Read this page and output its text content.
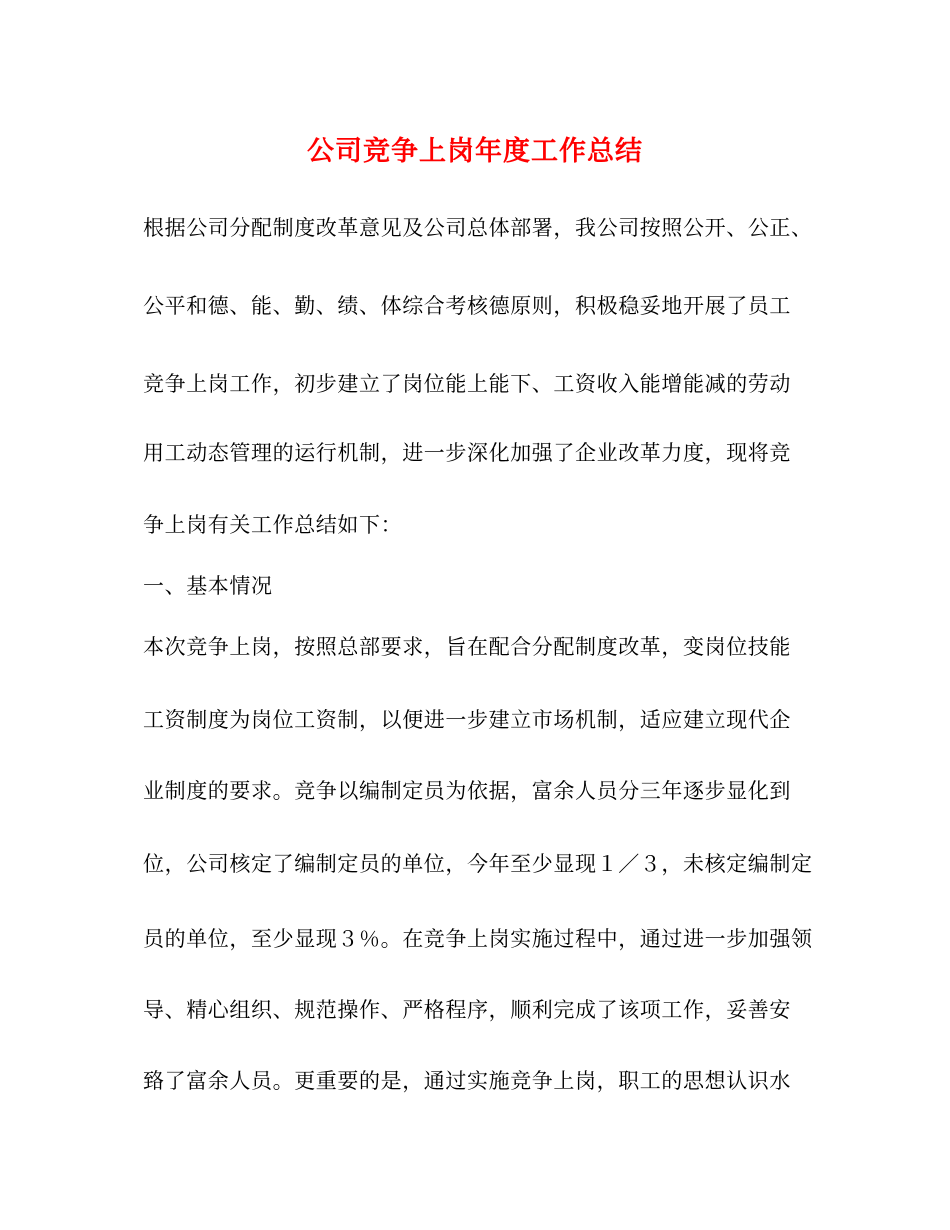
公司竞争上岗年度工作总结
根据公司分配制度改革意见及公司总体部署，我公司按照公开、公正、
公平和德、能、勤、绩、体综合考核德原则，积极稳妥地开展了员工
竞争上岗工作，初步建立了岗位能上能下、工资收入能增能减的劳动
用工动态管理的运行机制，进一步深化加强了企业改革力度，现将竞
争上岗有关工作总结如下：
一、基本情况
本次竞争上岗，按照总部要求，旨在配合分配制度改革，变岗位技能
工资制度为岗位工资制，以便进一步建立市场机制，适应建立现代企
业制度的要求。竞争以编制定员为依据，富余人员分三年逐步显化到
位，公司核定了编制定员的单位，今年至少显现１／３，未核定编制定
员的单位，至少显现３％。在竞争上岗实施过程中，通过进一步加强领
导、精心组织、规范操作、严格程序，顺利完成了该项工作，妥善安
臵了富余人员。更重要的是，通过实施竞争上岗，职工的思想认识水
